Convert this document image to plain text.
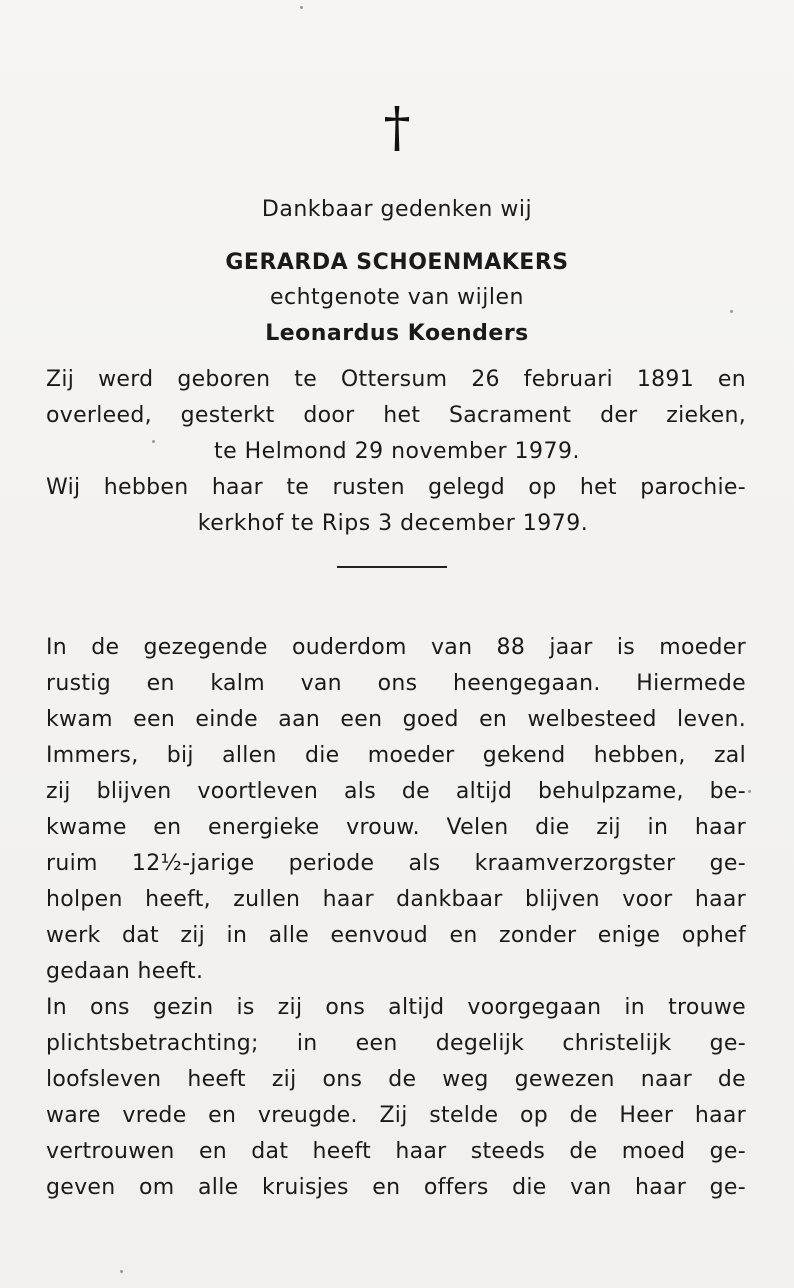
†
Dankbaar gedenken wij
GERARDA SCHOENMAKERS
echtgenote van wijlen
Leonardus Koenders
Zij werd geboren te Ottersum 26 februari 1891 en
overleed, gesterkt door het Sacrament der zieken,
te Helmond 29 november 1979.
Wij hebben haar te rusten gelegd op het parochie-
kerkhof te Rips 3 december 1979.
In de gezegende ouderdom van 88 jaar is moeder
rustig en kalm van ons heengegaan. Hiermede
kwam een einde aan een goed en welbesteed leven.
Immers, bij allen die moeder gekend hebben, zal
zij blijven voortleven als de altijd behulpzame, be-
kwame en energieke vrouw. Velen die zij in haar
ruim 12½-jarige periode als kraamverzorgster ge-
holpen heeft, zullen haar dankbaar blijven voor haar
werk dat zij in alle eenvoud en zonder enige ophef
gedaan heeft.
In ons gezin is zij ons altijd voorgegaan in trouwe
plichtsbetrachting; in een degelijk christelijk ge-
loofsleven heeft zij ons de weg gewezen naar de
ware vrede en vreugde. Zij stelde op de Heer haar
vertrouwen en dat heeft haar steeds de moed ge-
geven om alle kruisjes en offers die van haar ge-
